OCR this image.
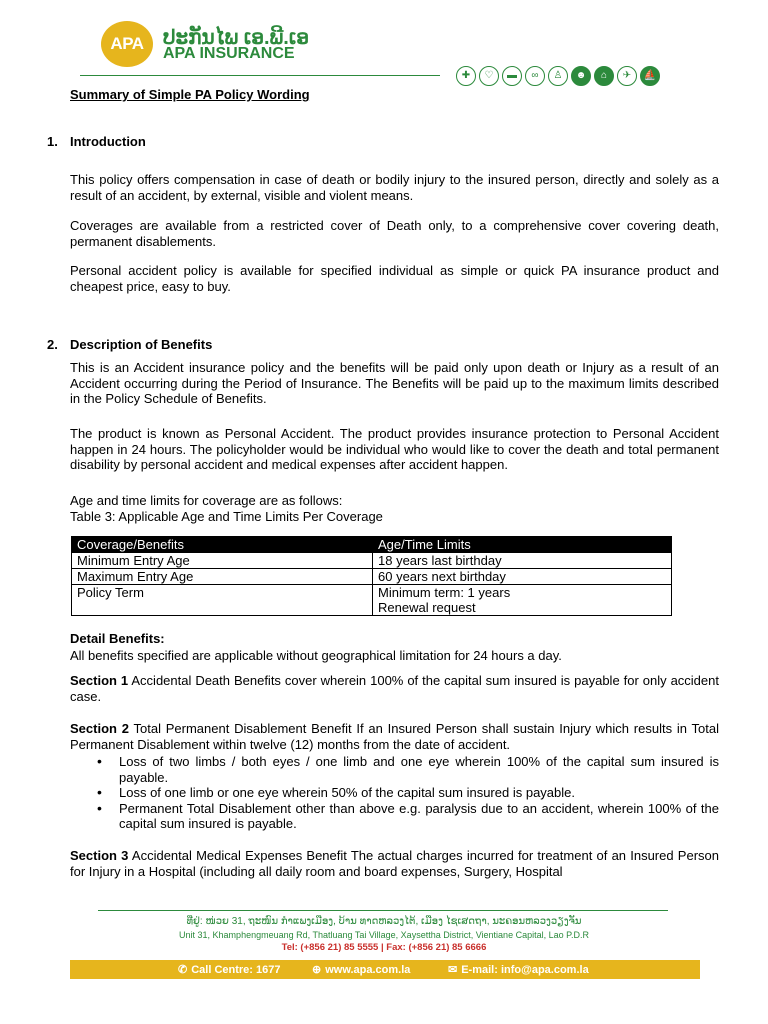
APA ປະກັນໄພ ເອ.ພີ.ເອ
APA INSURANCE
✚	♡	▬	∞	♙	☻	⌂	✈	⛵
Summary of Simple PA Policy Wording
1. Introduction
This policy offers compensation in case of death or bodily injury to the insured person, directly and solely as a result of an accident, by external, visible and violent means.
Coverages are available from a restricted cover of Death only, to a comprehensive cover covering death, permanent disablements.
Personal accident policy is available for specified individual as simple or quick PA insurance product and cheapest price, easy to buy.
2. Description of Benefits
This is an Accident insurance policy and the benefits will be paid only upon death or Injury as a result of an Accident occurring during the Period of Insurance. The Benefits will be paid up to the maximum limits described in the Policy Schedule of Benefits.
The product is known as Personal Accident. The product provides insurance protection to Personal Accident happen in 24 hours. The policyholder would be individual who would like to cover the death and total permanent disability by personal accident and medical expenses after accident happen.
Age and time limits for coverage are as follows:
Table 3: Applicable Age and Time Limits Per Coverage
Coverage/Benefits	Age/Time Limits
Minimum Entry Age	18 years last birthday
Maximum Entry Age	60 years next birthday
Policy Term	Minimum term: 1 years
Renewal request
Detail Benefits:
All benefits specified are applicable without geographical limitation for 24 hours a day.
Section 1 Accidental Death Benefits cover wherein 100% of the capital sum insured is payable for only accident case.
Section 2 Total Permanent Disablement Benefit If an Insured Person shall sustain Injury which results in Total Permanent Disablement within twelve (12) months from the date of accident.
• Loss of two limbs / both eyes / one limb and one eye wherein 100% of the capital sum insured is payable.
• Loss of one limb or one eye wherein 50% of the capital sum insured is payable.
• Permanent Total Disablement other than above e.g. paralysis due to an accident, wherein 100% of the capital sum insured is payable.
Section 3 Accidental Medical Expenses Benefit The actual charges incurred for treatment of an Insured Person for Injury in a Hospital (including all daily room and board expenses, Surgery, Hospital
ທີ່ຢູ່: ໜ່ວຍ 31, ຖະໜົນ ກຳແພງເມືອງ, ບ້ານ ທາດຫລວງໄຕ້, ເມືອງ ໄຊເສດຖາ, ນະຄອນຫລວງວຽງຈັນ
Unit 31, Khamphengmeuang Rd, Thatluang Tai Village, Xaysettha District, Vientiane Capital, Lao P.D.R
Tel: (+856 21) 85 5555 | Fax: (+856 21) 85 6666
✆ Call Centre: 1677	⊕ www.apa.com.la	✉ E-mail: info@apa.com.la
